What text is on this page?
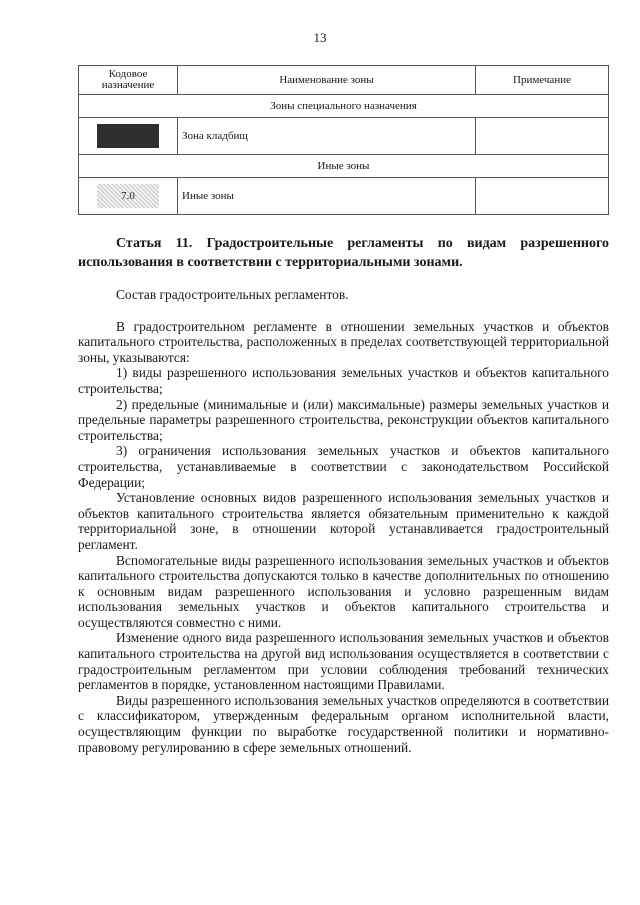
13
Кодовое назначение	Наименование зоны	Примечание
Зоны специального назначения		
	Зона кладбищ	
Иные зоны		
7.0	Иные зоны	
Статья 11. Градостроительные регламенты по видам разрешенного использования в соответствии с территориальными зонами.

Состав градостроительных регламентов.

В градостроительном регламенте в отношении земельных участков и объектов капитального строительства, расположенных в пределах соответствующей территориальной зоны, указываются:

1) виды разрешенного использования земельных участков и объектов капитального строительства;

2) предельные (минимальные и (или) максимальные) размеры земельных участков и предельные параметры разрешенного строительства, реконструкции объектов капитального строительства;

3) ограничения использования земельных участков и объектов капитального строительства, устанавливаемые в соответствии с законодательством Российской Федерации;

Установление основных видов разрешенного использования земельных участков и объектов капитального строительства является обязательным применительно к каждой территориальной зоне, в отношении которой устанавливается градостроительный регламент.

Вспомогательные виды разрешенного использования земельных участков и объектов капитального строительства допускаются только в качестве дополнительных по отношению к основным видам разрешенного использования и условно разрешенным видам использования земельных участков и объектов капитального строительства и осуществляются совместно с ними.

Изменение одного вида разрешенного использования земельных участков и объектов капитального строительства на другой вид использования осуществляется в соответствии с градостроительным регламентом при условии соблюдения требований технических регламентов в порядке, установленном настоящими Правилами.

Виды разрешенного использования земельных участков определяются в соответствии с классификатором, утвержденным федеральным органом исполнительной власти, осуществляющим функции по выработке государственной политики и нормативно-правовому регулированию в сфере земельных отношений.
